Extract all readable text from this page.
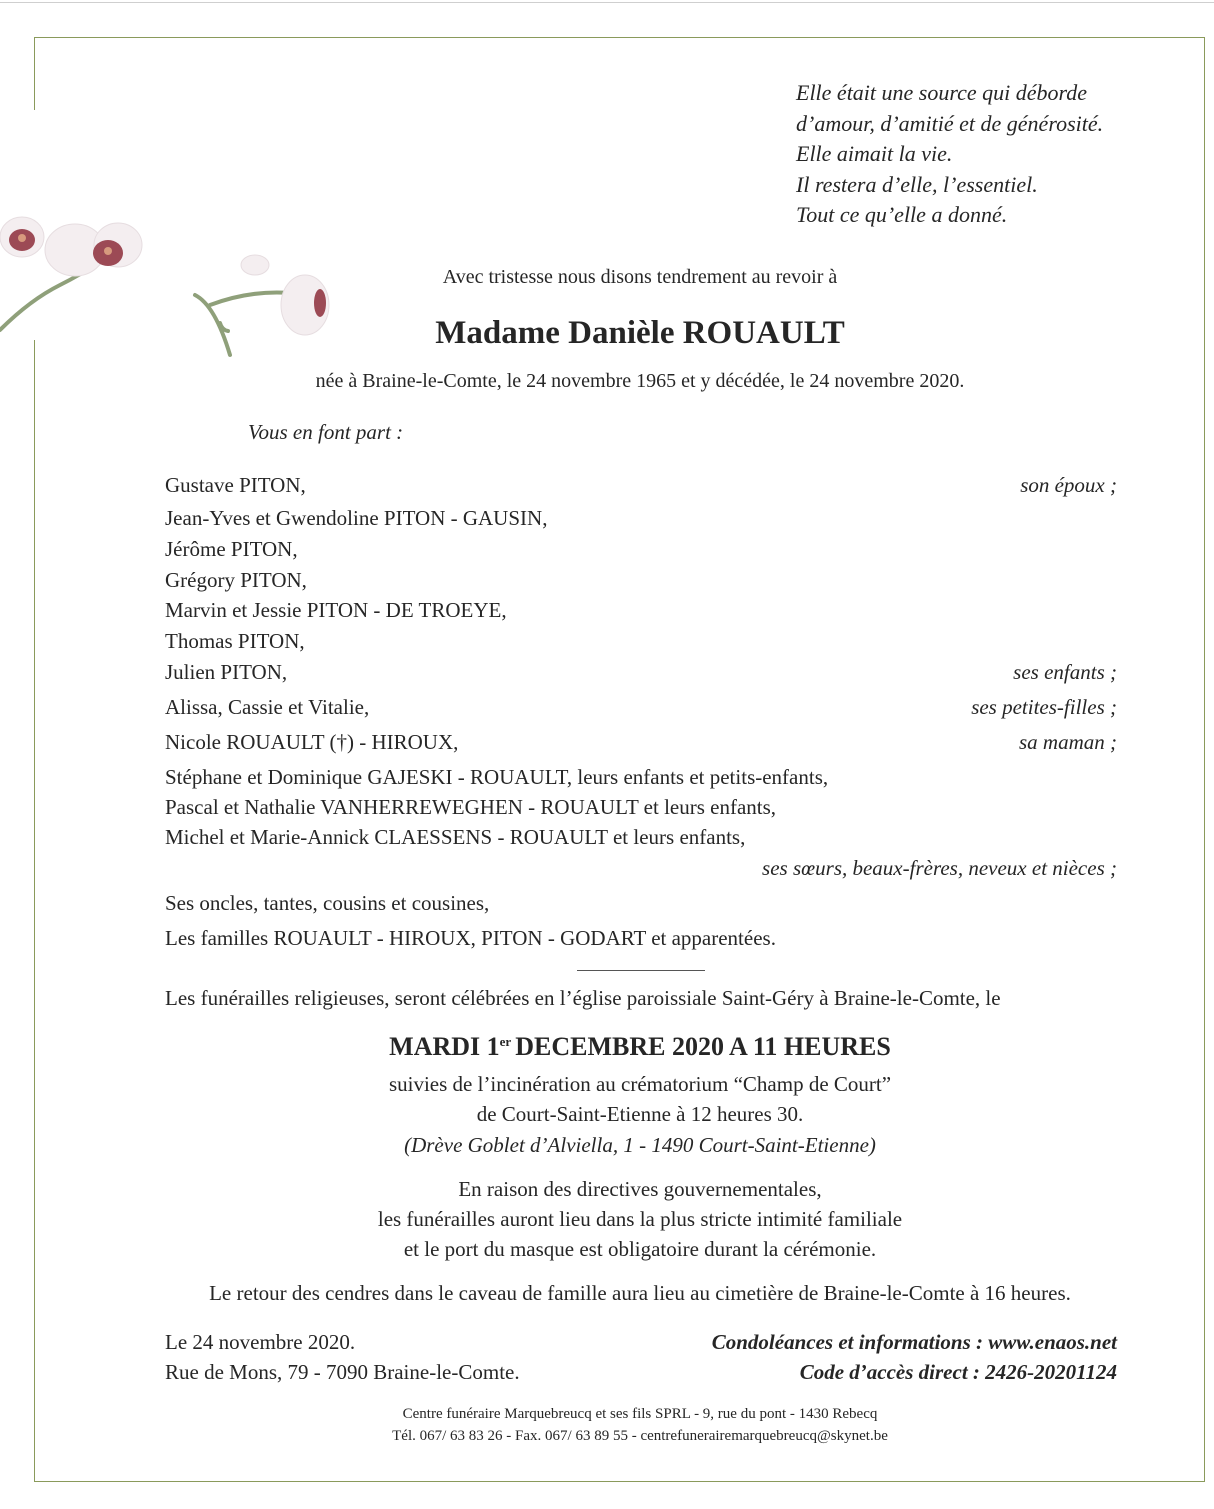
Elle était une source qui déborde
d’amour, d’amitié et de générosité.
Elle aimait la vie.
Il restera d’elle, l’essentiel.
Tout ce qu’elle a donné.
Avec tristesse nous disons tendrement au revoir à
Madame Danièle ROUAULT
née à Braine-le-Comte, le 24 novembre 1965 et y décédée, le 24 novembre 2020.
Vous en font part :
Gustave PITON,	son époux ;
Jean-Yves et Gwendoline PITON - GAUSIN,
Jérôme PITON,
Grégory PITON,
Marvin et Jessie PITON - DE TROEYE,
Thomas PITON,
Julien PITON,	ses enfants ;
Alissa, Cassie et Vitalie,	ses petites-filles ;
Nicole ROUAULT (†) - HIROUX,	sa maman ;
Stéphane et Dominique GAJESKI - ROUAULT, leurs enfants et petits-enfants,
Pascal et Nathalie VANHERREWEGHEN - ROUAULT et leurs enfants,
Michel et Marie-Annick CLAESSENS - ROUAULT et leurs enfants,
ses sœurs, beaux-frères, neveux et nièces ;
Ses oncles, tantes, cousins et cousines,
Les familles ROUAULT - HIROUX, PITON - GODART et apparentées.
Les funérailles religieuses, seront célébrées en l’église paroissiale Saint-Géry à Braine-le-Comte, le
MARDI 1er DECEMBRE 2020 A 11 HEURES
suivies de l’incinération au crématorium “Champ de Court”
de Court-Saint-Etienne à 12 heures 30.
(Drève Goblet d’Alviella, 1 - 1490 Court-Saint-Etienne)
En raison des directives gouvernementales,
les funérailles auront lieu dans la plus stricte intimité familiale
et le port du masque est obligatoire durant la cérémonie.
Le retour des cendres dans le caveau de famille aura lieu au cimetière de Braine-le-Comte à 16 heures.
Le 24 novembre 2020.
Rue de Mons, 79 - 7090 Braine-le-Comte.
Condoléances et informations : www.enaos.net
Code d’accès direct : 2426-20201124
Centre funéraire Marquebreucq et ses fils SPRL - 9, rue du pont - 1430 Rebecq
Tél. 067/ 63 83 26 - Fax. 067/ 63 89 55 - centrefunerairemarquebreucq@skynet.be
